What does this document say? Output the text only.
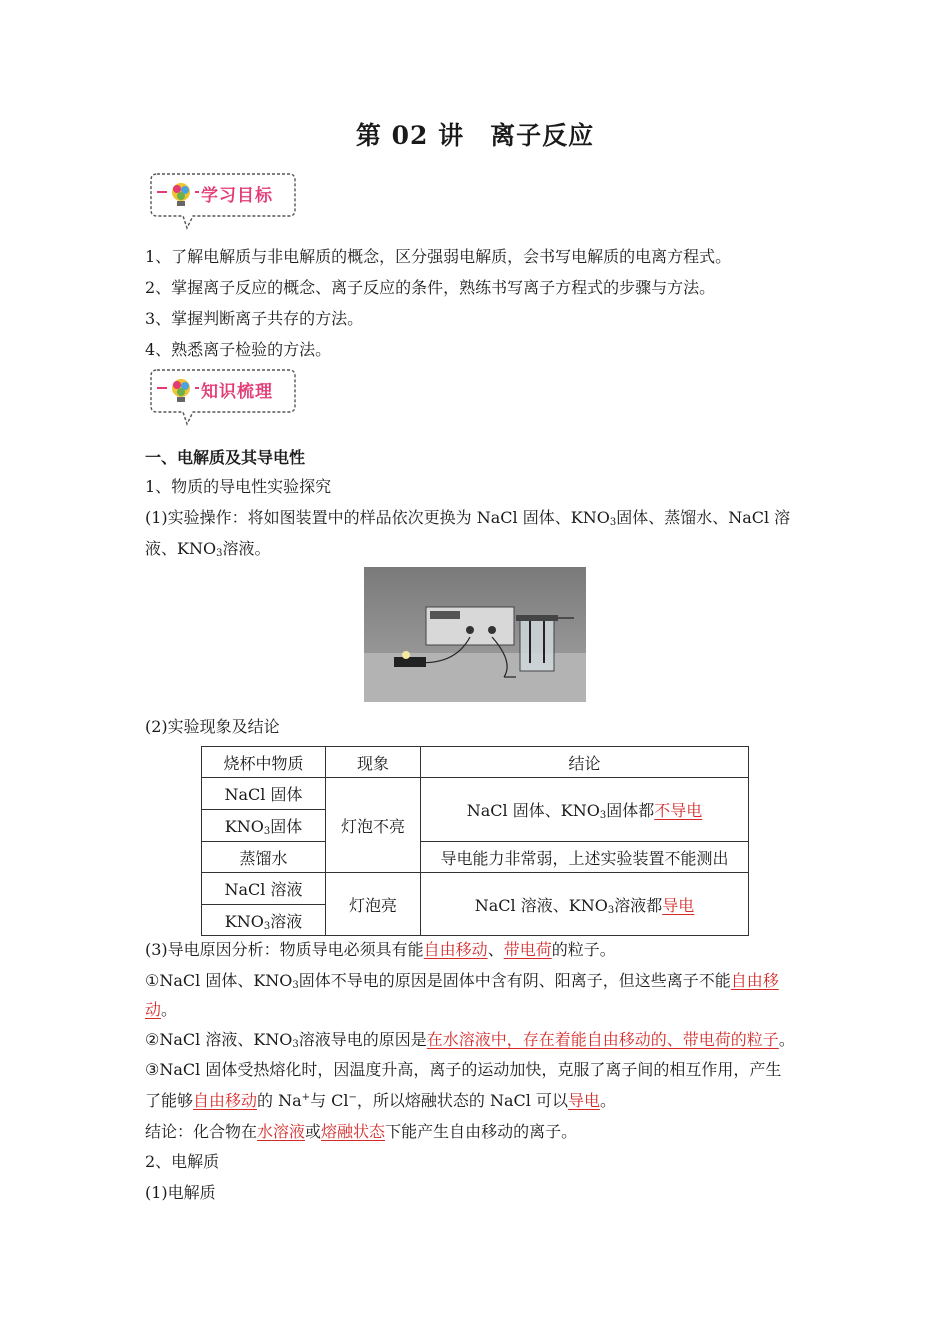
第 02 讲　离子反应
学习目标
1、了解电解质与非电解质的概念，区分强弱电解质，会书写电解质的电离方程式。
2、掌握离子反应的概念、离子反应的条件，熟练书写离子方程式的步骤与方法。
3、掌握判断离子共存的方法。
4、熟悉离子检验的方法。
知识梳理
一、电解质及其导电性
1、物质的导电性实验探究
(1)实验操作：将如图装置中的样品依次更换为 NaCl 固体、$KNO_3$固体、蒸馏水、NaCl 溶
液、$KNO_3$溶液。
(2)实验现象及结论
烧杯中物质	现象	结论
NaCl 固体	灯泡不亮	NaCl 固体、$KNO_3$固体都不导电
$KNO_3$固体		
蒸馏水		导电能力非常弱，上述实验装置不能测出
NaCl 溶液	灯泡亮	NaCl 溶液、$KNO_3$溶液都导电
$KNO_3$溶液		
(3)导电原因分析：物质导电必须具有能自由移动、带电荷的粒子。
①NaCl 固体、$KNO_3$固体不导电的原因是固体中含有阴、阳离子，但这些离子不能自由移
动。
②NaCl 溶液、$KNO_3$溶液导电的原因是在水溶液中，存在着能自由移动的、带电荷的粒子。
③NaCl 固体受热熔化时，因温度升高，离子的运动加快，克服了离子间的相互作用，产生
了能够自由移动的 Na+与 Cl−，所以熔融状态的 NaCl 可以导电。
结论：化合物在水溶液或熔融状态下能产生自由移动的离子。
2、电解质
(1)电解质
